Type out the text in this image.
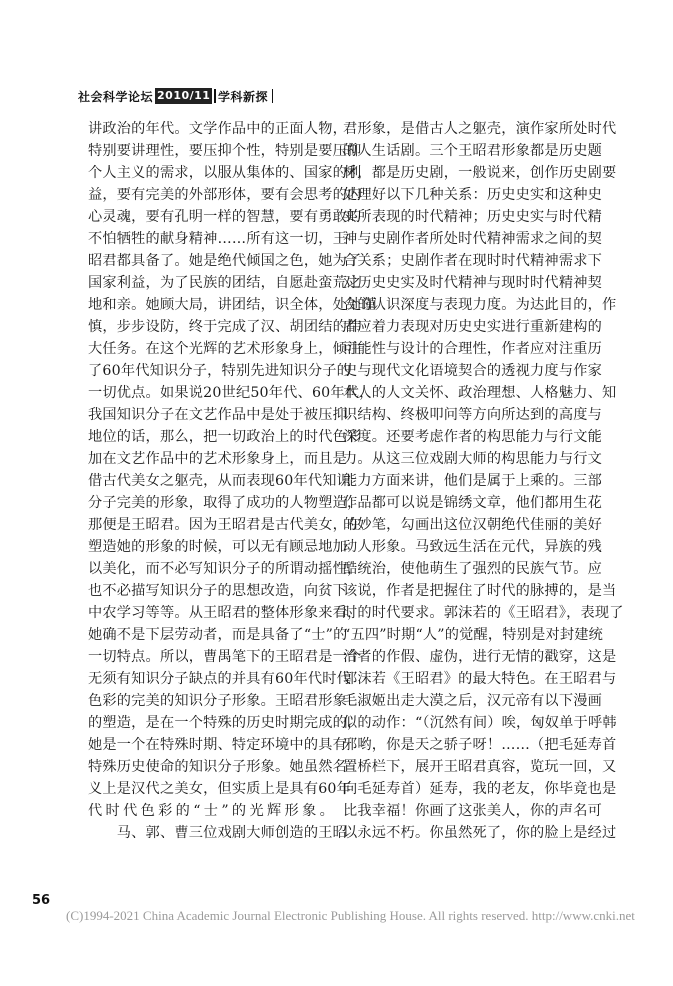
社会科学论坛 2010/11 学科新探
讲政治的年代。文学作品中的正面人物，
特别要讲理性，要压抑个性，特别是要压抑
个人主义的需求，以服从集体的、国家的利
益，要有完美的外部形体，要有会思考的内
心灵魂，要有孔明一样的智慧，要有勇敢的
不怕牺牲的献身精神……所有这一切，王
昭君都具备了。她是绝代倾国之色，她为了
国家利益，为了民族的团结，自愿赴蛮荒之
地和亲。她顾大局，讲团结，识全体，处处谨
慎，步步设防，终于完成了汉、胡团结的伟
大任务。在这个光辉的艺术形象身上，倾注
了60年代知识分子，特别先进知识分子的
一切优点。如果说20世纪50年代、60年代，
我国知识分子在文艺作品中是处于被压抑
地位的话，那么，把一切政治上的时代色彩
加在文艺作品中的艺术形象身上，而且是
借古代美女之躯壳，从而表现60年代知识
分子完美的形象，取得了成功的人物塑造，
那便是王昭君。因为王昭君是古代美女，在
塑造她的形象的时候，可以无有顾忌地加
以美化，而不必写知识分子的所谓动摇性，
也不必描写知识分子的思想改造，向贫下
中农学习等等。从王昭君的整体形象来看，
她确不是下层劳动者，而是具备了“士”的
一切特点。所以，曹禺笔下的王昭君是一个
无须有知识分子缺点的并具有60年代时代
色彩的完美的知识分子形象。王昭君形象
的塑造，是在一个特殊的历史时期完成的，
她是一个在特殊时期、特定环境中的具有
特殊历史使命的知识分子形象。她虽然名
义上是汉代之美女，但实质上是具有60年
代时代色彩的“士”的光辉形象。
　　马、郭、曹三位戏剧大师创造的王昭
君形象，是借古人之躯壳，演作家所处时代
的人生话剧。三个王昭君形象都是历史题
材，都是历史剧，一般说来，创作历史剧要
处理好以下几种关系：历史史实和这种史
实所表现的时代精神；历史史实与时代精
神与史剧作者所处时代精神需求之间的契
合关系；史剧作者在现时时代精神需求下
对历史史实及时代精神与现时时代精神契
合的认识深度与表现力度。为达此目的，作
者应着力表现对历史史实进行重新建构的
可能性与设计的合理性，作者应对注重历
史与现代文化语境契合的透视力度与作家
本人的人文关怀、政治理想、人格魅力、知
识结构、终极叩问等方向所达到的高度与
深度。还要考虑作者的构思能力与行文能
力。从这三位戏剧大师的构思能力与行文
能力方面来讲，他们是属于上乘的。三部
作品都可以说是锦绣文章，他们都用生花
的妙笔，勾画出这位汉朝绝代佳丽的美好
动人形象。马致远生活在元代，异族的残
酷统治，使他萌生了强烈的民族气节。应
该说，作者是把握住了时代的脉搏的，是当
时的时代要求。郭沫若的《王昭君》，表现了
“五四”时期“人”的觉醒，特别是对封建统
治者的作假、虚伪，进行无情的戳穿，这是
郭沫若《王昭君》的最大特色。在王昭君与
毛淑姬出走大漠之后，汉元帝有以下漫画
似的动作：“（沉然有间）唉，匈奴单于呼韩
邪哟，你是天之骄子呀！……（把毛延寿首
置桥栏下，展开王昭君真容，览玩一回，又
向毛延寿首）延寿，我的老友，你毕竟也是
比我幸福！你画了这张美人，你的声名可
以永远不朽。你虽然死了，你的脸上是经过
56
(C)1994-2021 China Academic Journal Electronic Publishing House. All rights reserved. http://www.cnki.net
